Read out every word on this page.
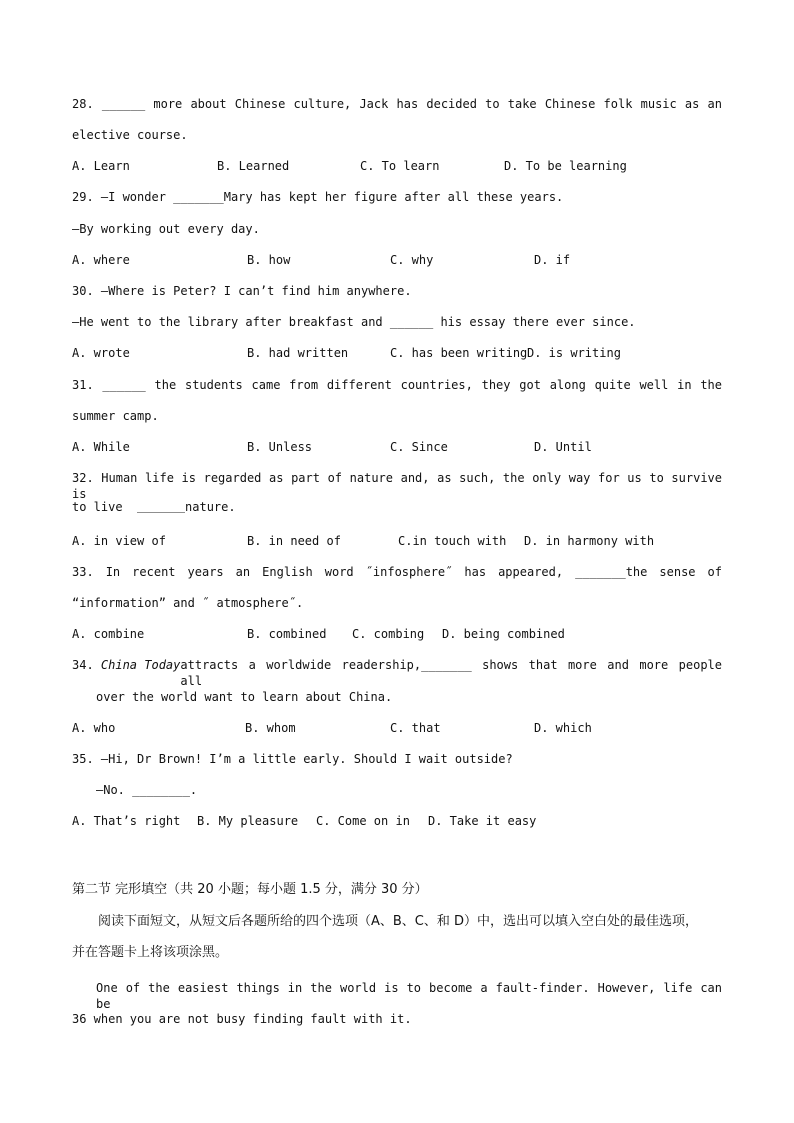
28. ______ more about Chinese culture, Jack has decided to take Chinese folk music as an
elective course.
A. Learn	B. Learned	C. To learn	D. To be learning
29. —I wonder _______Mary has kept her figure after all these years.
—By working out every day.
A. where	B. how	C. why	D. if
30. —Where is Peter? I can’t find him anywhere.
—He went to the library after breakfast and ______ his essay there ever since.
A. wrote	B. had written	C. has been writing D. is writing
31. ______ the students came from different countries, they got along quite well in the
summer camp.
A. While	B. Unless	C. Since	D. Until
32. Human life is regarded as part of nature and, as such, the only way for us to survive is
to live  ＿＿＿＿nature.
A. in view of	B. in need of	C.in touch with D. in harmony with
33. In recent years an English word ˝infosphere˝ has appeared, _______the sense of
“information” and ˝ atmosphere˝.
A. combine	B. combined C. combing D. being combined
34. China Today attracts a worldwide readership,_______ shows that more and more people all
over the world want to learn about China.
A. who	B. whom	C. that	D. which
35. —Hi, Dr Brown! I’m a little early. Should I wait outside?
—No. ________.
A. That’s right B. My pleasure C. Come on in D. Take it easy
第二节 完形填空（共 20 小题；每小题 1.5 分，满分 30 分）
阅读下面短文，从短文后各题所给的四个选项（A、B、C、和 D）中，选出可以填入空白处的最佳选项，
并在答题卡上将该项涂黑。
One of the easiest things in the world is to become a fault-finder. However, life can be
36 when you are not busy finding fault with it.
